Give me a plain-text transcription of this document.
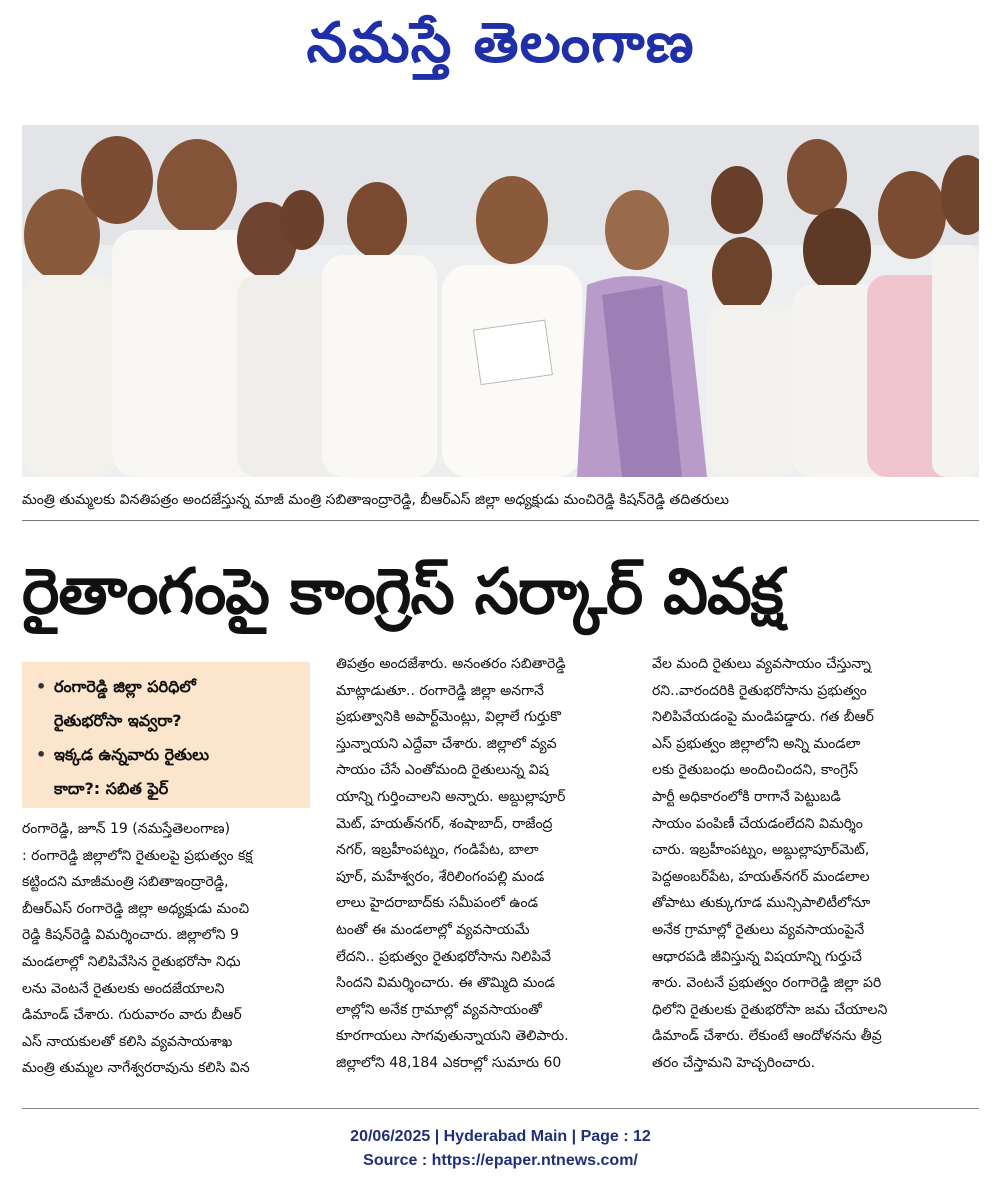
నమస్తే తెలంగాణ
మంత్రి తుమ్మలకు వినతిపత్రం అందజేస్తున్న మాజీ మంత్రి సబితాఇంద్రారెడ్డి, బీఆర్‌ఎస్‌ జిల్లా అధ్యక్షుడు మంచిరెడ్డి కిషన్‌రెడ్డి తదితరులు
రైతాంగంపై కాంగ్రెస్‌ సర్కార్‌ వివక్ష
• రంగారెడ్డి జిల్లా పరిధిలో
రైతుభరోసా ఇవ్వరా?
• ఇక్కడ ఉన్నవారు రైతులు
కాదా?: సబిత ఫైర్‌
రంగారెడ్డి, జూన్‌ 19 (నమస్తేతెలంగాణ)
: రంగారెడ్డి జిల్లాలోని రైతులపై ప్రభుత్వం కక్ష
కట్టిందని మాజీమంత్రి సబితాఇంద్రారెడ్డి,
బీఆర్‌ఎస్‌ రంగారెడ్డి జిల్లా అధ్యక్షుడు మంచి
రెడ్డి కిషన్‌రెడ్డి విమర్శించారు. జిల్లాలోని 9
మండలాల్లో నిలిపివేసిన రైతుభరోసా నిధు
లను వెంటనే రైతులకు అందజేయాలని
డిమాండ్‌ చేశారు. గురువారం వారు బీఆర్‌
ఎస్‌ నాయకులతో కలిసి వ్యవసాయశాఖ
మంత్రి తుమ్మల నాగేశ్వరరావును కలిసి విన
తిపత్రం అందజేశారు. అనంతరం సబితారెడ్డి
మాట్లాడుతూ.. రంగారెడ్డి జిల్లా అనగానే
ప్రభుత్వానికి అపార్ట్‌మెంట్లు, విల్లాలే గుర్తుకొ
స్తున్నాయని ఎద్దేవా చేశారు. జిల్లాలో వ్యవ
సాయం చేసే ఎంతోమంది రైతులున్న విష
యాన్ని గుర్తించాలని అన్నారు. అబ్దుల్లాపూర్‌
మెట్‌, హయత్‌నగర్‌, శంషాబాద్‌, రాజేంద్ర
నగర్‌, ఇబ్రహీంపట్నం, గండిపేట, బాలా
పూర్‌, మహేశ్వరం, శేరిలింగంపల్లి మండ
లాలు హైదరాబాద్‌కు సమీపంలో ఉండ
టంతో ఈ మండలాల్లో వ్యవసాయమే
లేదని.. ప్రభుత్వం రైతుభరోసాను నిలిపివే
సిందని విమర్శించారు. ఈ తొమ్మిది మండ
లాల్లోని అనేక గ్రామాల్లో వ్యవసాయంతో
కూరగాయలు సాగవుతున్నాయని తెలిపారు.
జిల్లాలోని 48,184 ఎకరాల్లో సుమారు 60
వేల మంది రైతులు వ్యవసాయం చేస్తున్నా
రని..వారందరికి రైతుభరోసాను ప్రభుత్వం
నిలిపివేయడంపై మండిపడ్డారు. గత బీఆర్‌
ఎస్‌ ప్రభుత్వం జిల్లాలోని అన్ని మండలా
లకు రైతుబంధు అందించిందని, కాంగ్రెస్‌
పార్టీ అధికారంలోకి రాగానే పెట్టుబడి
సాయం పంపిణీ చేయడంలేదని విమర్శిం
చారు. ఇబ్రహీంపట్నం, అబ్దుల్లాపూర్‌మెట్‌,
పెద్దఅంబర్‌పేట, హయత్‌నగర్‌ మండలాల
తోపాటు తుక్కుగూడ మున్సిపాలిటీలోనూ
అనేక గ్రామాల్లో రైతులు వ్యవసాయంపైనే
ఆధారపడి జీవిస్తున్న విషయాన్ని గుర్తుచే
శారు. వెంటనే ప్రభుత్వం రంగారెడ్డి జిల్లా పరి
ధిలోని రైతులకు రైతుభరోసా జమ చేయాలని
డిమాండ్‌ చేశారు. లేకుంటే ఆందోళనను తీవ్ర
తరం చేస్తామని హెచ్చరించారు.
20/06/2025 | Hyderabad Main | Page : 12
Source : https://epaper.ntnews.com/
